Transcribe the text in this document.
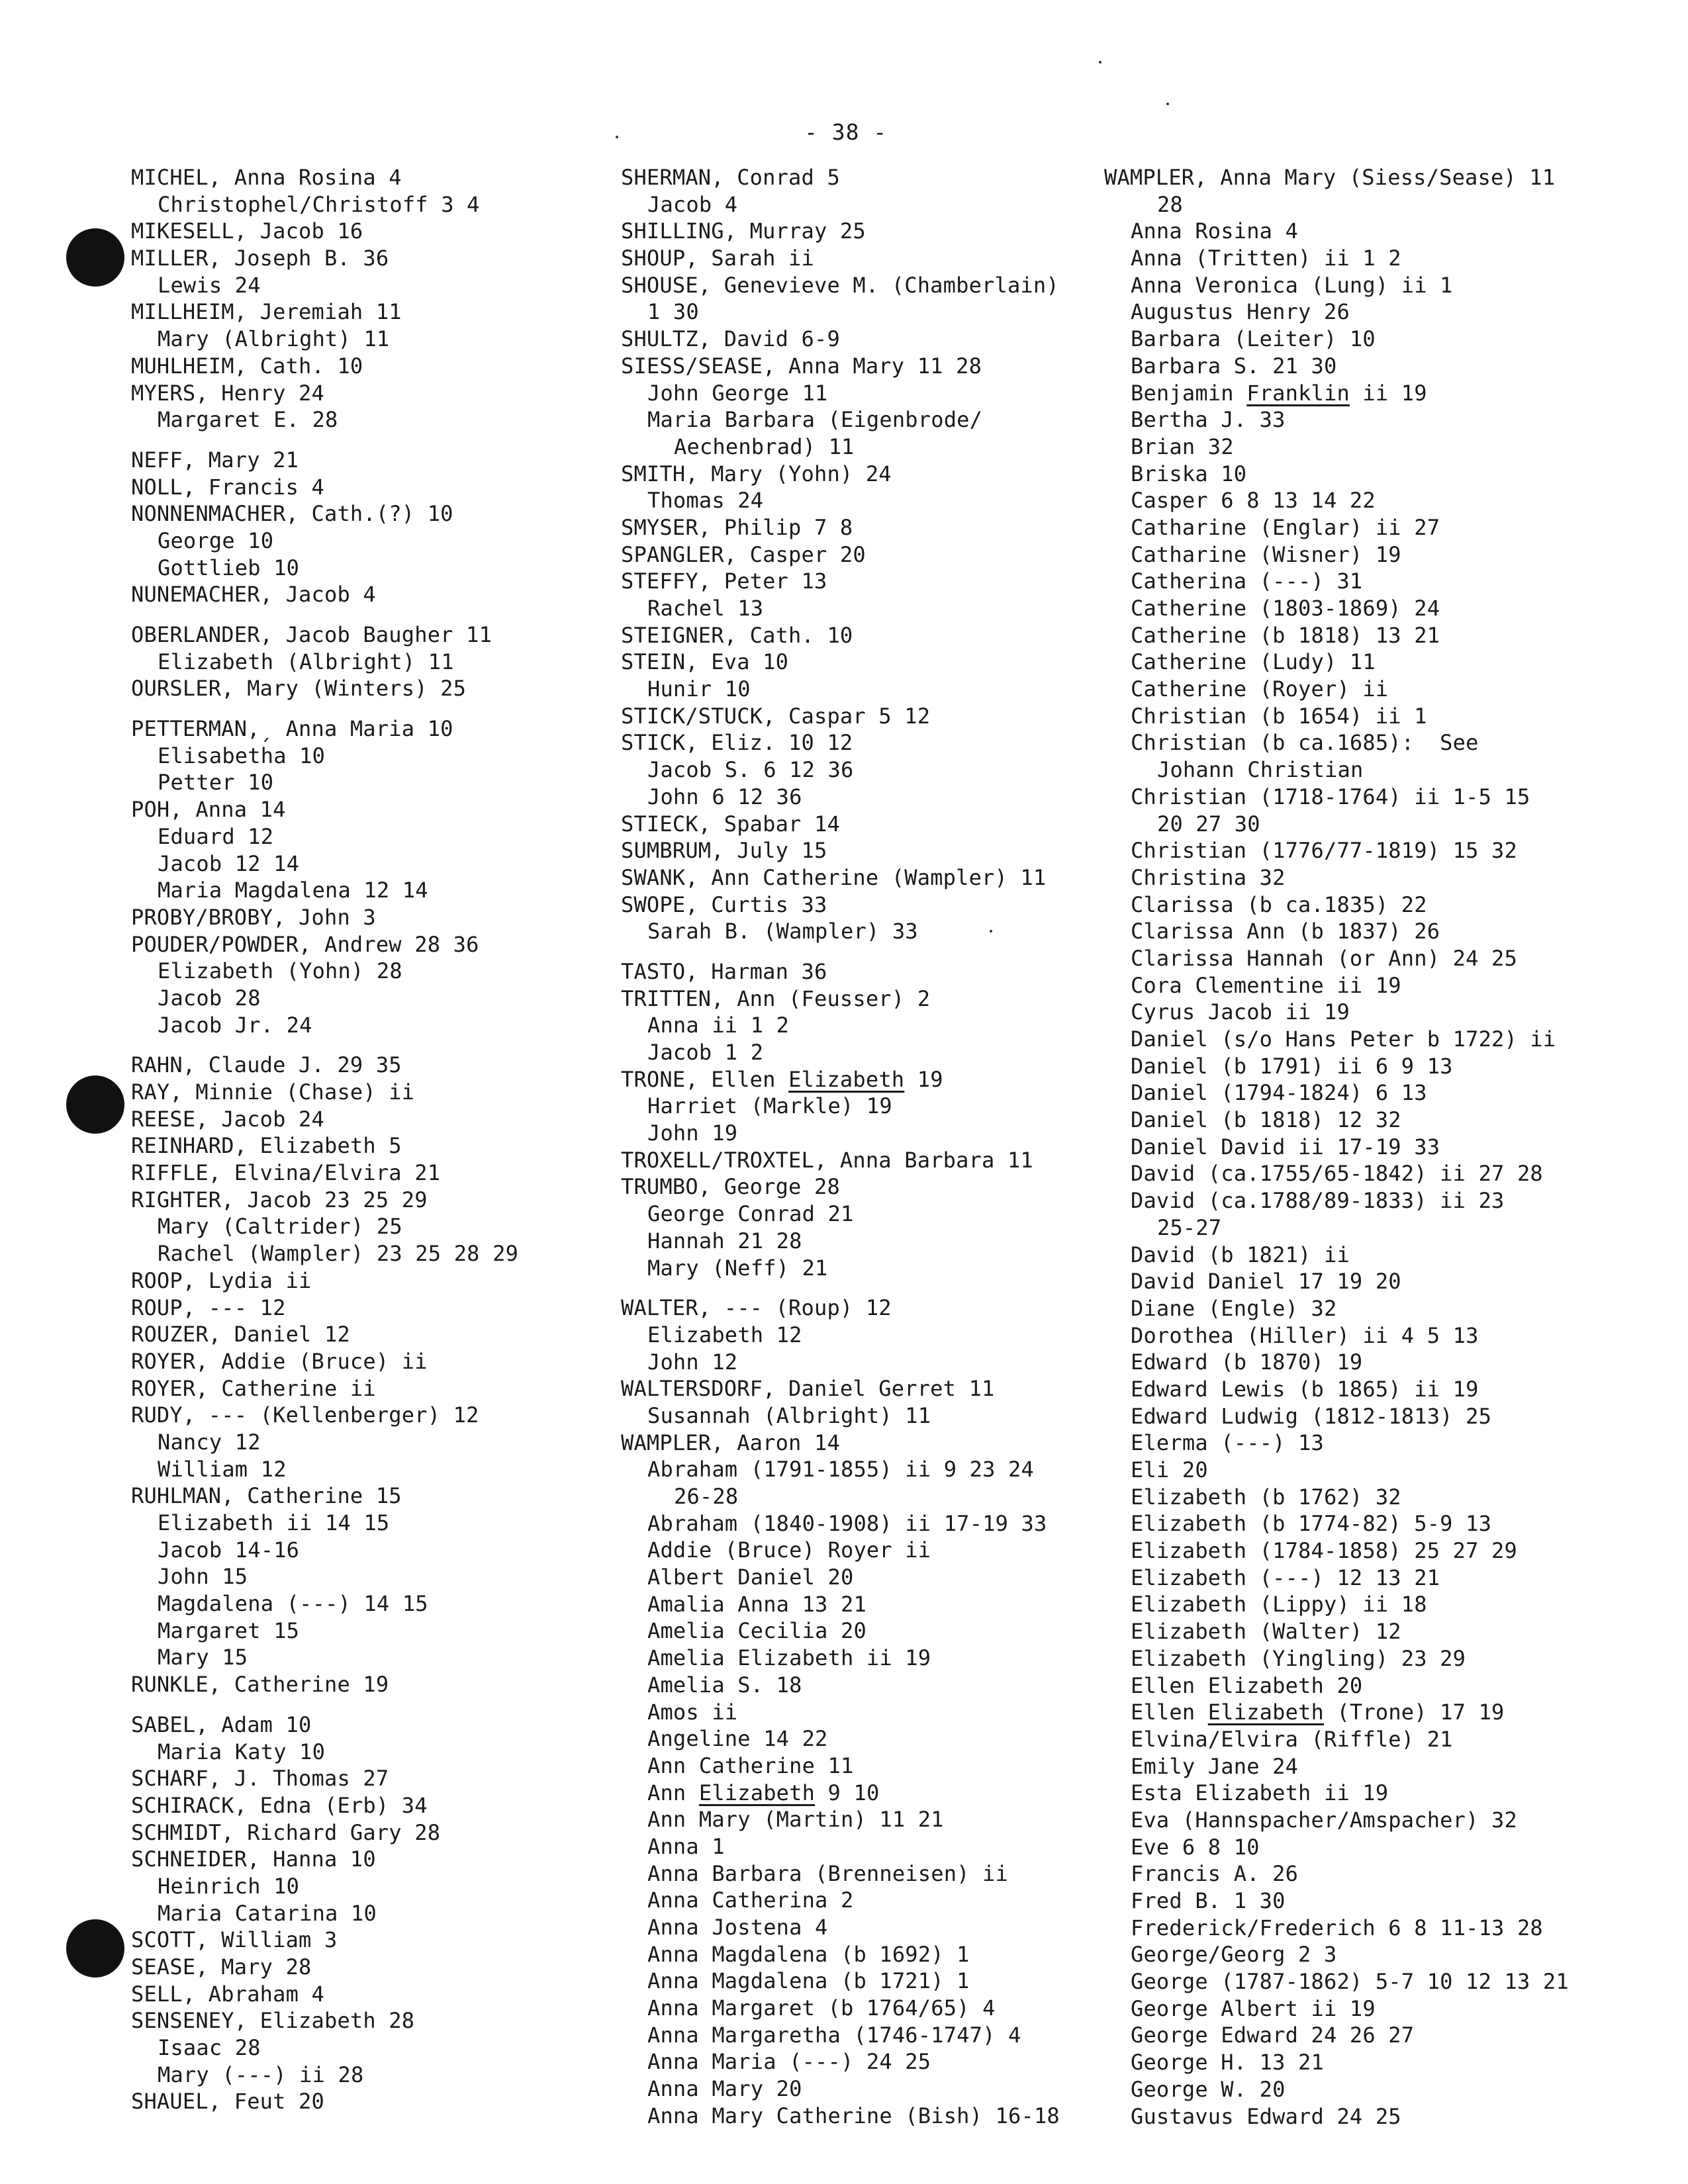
- 38 -
MICHEL, Anna Rosina 4
Christophel/Christoff 3 4
MIKESELL, Jacob 16
MILLER, Joseph B. 36
Lewis 24
MILLHEIM, Jeremiah 11
Mary (Albright) 11
MUHLHEIM, Cath. 10
MYERS, Henry 24
Margaret E. 28
NEFF, Mary 21
NOLL, Francis 4
NONNENMACHER, Cath.(?) 10
George 10
Gottlieb 10
NUNEMACHER, Jacob 4
OBERLANDER, Jacob Baugher 11
Elizabeth (Albright) 11
OURSLER, Mary (Winters) 25
PETTERMAN,ˏ Anna Maria 10
Elisabetha 10
Petter 10
POH, Anna 14
Eduard 12
Jacob 12 14
Maria Magdalena 12 14
PROBY/BROBY, John 3
POUDER/POWDER, Andrew 28 36
Elizabeth (Yohn) 28
Jacob 28
Jacob Jr. 24
RAHN, Claude J. 29 35
RAY, Minnie (Chase) ii
REESE, Jacob 24
REINHARD, Elizabeth 5
RIFFLE, Elvina/Elvira 21
RIGHTER, Jacob 23 25 29
Mary (Caltrider) 25
Rachel (Wampler) 23 25 28 29
ROOP, Lydia ii
ROUP, --- 12
ROUZER, Daniel 12
ROYER, Addie (Bruce) ii
ROYER, Catherine ii
RUDY, --- (Kellenberger) 12
Nancy 12
William 12
RUHLMAN, Catherine 15
Elizabeth ii 14 15
Jacob 14-16
John 15
Magdalena (---) 14 15
Margaret 15
Mary 15
RUNKLE, Catherine 19
SABEL, Adam 10
Maria Katy 10
SCHARF, J. Thomas 27
SCHIRACK, Edna (Erb) 34
SCHMIDT, Richard Gary 28
SCHNEIDER, Hanna 10
Heinrich 10
Maria Catarina 10
SCOTT, William 3
SEASE, Mary 28
SELL, Abraham 4
SENSENEY, Elizabeth 28
Isaac 28
Mary (---) ii 28
SHAUEL, Feut 20
SHERMAN, Conrad 5
Jacob 4
SHILLING, Murray 25
SHOUP, Sarah ii
SHOUSE, Genevieve M. (Chamberlain)
1 30
SHULTZ, David 6-9
SIESS/SEASE, Anna Mary 11 28
John George 11
Maria Barbara (Eigenbrode/
Aechenbrad) 11
SMITH, Mary (Yohn) 24
Thomas 24
SMYSER, Philip 7 8
SPANGLER, Casper 20
STEFFY, Peter 13
Rachel 13
STEIGNER, Cath. 10
STEIN, Eva 10
Hunir 10
STICK/STUCK, Caspar 5 12
STICK, Eliz. 10 12
Jacob S. 6 12 36
John 6 12 36
STIECK, Spabar 14
SUMBRUM, July 15
SWANK, Ann Catherine (Wampler) 11
SWOPE, Curtis 33
Sarah B. (Wampler) 33
TASTO, Harman 36
TRITTEN, Ann (Feusser) 2
Anna ii 1 2
Jacob 1 2
TRONE, Ellen Elizabeth 19
Harriet (Markle) 19
John 19
TROXELL/TROXTEL, Anna Barbara 11
TRUMBO, George 28
George Conrad 21
Hannah 21 28
Mary (Neff) 21
WALTER, --- (Roup) 12
Elizabeth 12
John 12
WALTERSDORF, Daniel Gerret 11
Susannah (Albright) 11
WAMPLER, Aaron 14
Abraham (1791-1855) ii 9 23 24
26-28
Abraham (1840-1908) ii 17-19 33
Addie (Bruce) Royer ii
Albert Daniel 20
Amalia Anna 13 21
Amelia Cecilia 20
Amelia Elizabeth ii 19
Amelia S. 18
Amos ii
Angeline 14 22
Ann Catherine 11
Ann Elizabeth 9 10
Ann Mary (Martin) 11 21
Anna 1
Anna Barbara (Brenneisen) ii
Anna Catherina 2
Anna Jostena 4
Anna Magdalena (b 1692) 1
Anna Magdalena (b 1721) 1
Anna Margaret (b 1764/65) 4
Anna Margaretha (1746-1747) 4
Anna Maria (---) 24 25
Anna Mary 20
Anna Mary Catherine (Bish) 16-18
WAMPLER, Anna Mary (Siess/Sease) 11
28
Anna Rosina 4
Anna (Tritten) ii 1 2
Anna Veronica (Lung) ii 1
Augustus Henry 26
Barbara (Leiter) 10
Barbara S. 21 30
Benjamin Franklin ii 19
Bertha J. 33
Brian 32
Briska 10
Casper 6 8 13 14 22
Catharine (Englar) ii 27
Catharine (Wisner) 19
Catherina (---) 31
Catherine (1803-1869) 24
Catherine (b 1818) 13 21
Catherine (Ludy) 11
Catherine (Royer) ii
Christian (b 1654) ii 1
Christian (b ca.1685):  See
Johann Christian
Christian (1718-1764) ii 1-5 15
20 27 30
Christian (1776/77-1819) 15 32
Christina 32
Clarissa (b ca.1835) 22
Clarissa Ann (b 1837) 26
Clarissa Hannah (or Ann) 24 25
Cora Clementine ii 19
Cyrus Jacob ii 19
Daniel (s/o Hans Peter b 1722) ii
Daniel (b 1791) ii 6 9 13
Daniel (1794-1824) 6 13
Daniel (b 1818) 12 32
Daniel David ii 17-19 33
David (ca.1755/65-1842) ii 27 28
David (ca.1788/89-1833) ii 23
25-27
David (b 1821) ii
David Daniel 17 19 20
Diane (Engle) 32
Dorothea (Hiller) ii 4 5 13
Edward (b 1870) 19
Edward Lewis (b 1865) ii 19
Edward Ludwig (1812-1813) 25
Elerma (---) 13
Eli 20
Elizabeth (b 1762) 32
Elizabeth (b 1774-82) 5-9 13
Elizabeth (1784-1858) 25 27 29
Elizabeth (---) 12 13 21
Elizabeth (Lippy) ii 18
Elizabeth (Walter) 12
Elizabeth (Yingling) 23 29
Ellen Elizabeth 20
Ellen Elizabeth (Trone) 17 19
Elvina/Elvira (Riffle) 21
Emily Jane 24
Esta Elizabeth ii 19
Eva (Hannspacher/Amspacher) 32
Eve 6 8 10
Francis A. 26
Fred B. 1 30
Frederick/Frederich 6 8 11-13 28
George/Georg 2 3
George (1787-1862) 5-7 10 12 13 21
George Albert ii 19
George Edward 24 26 27
George H. 13 21
George W. 20
Gustavus Edward 24 25
